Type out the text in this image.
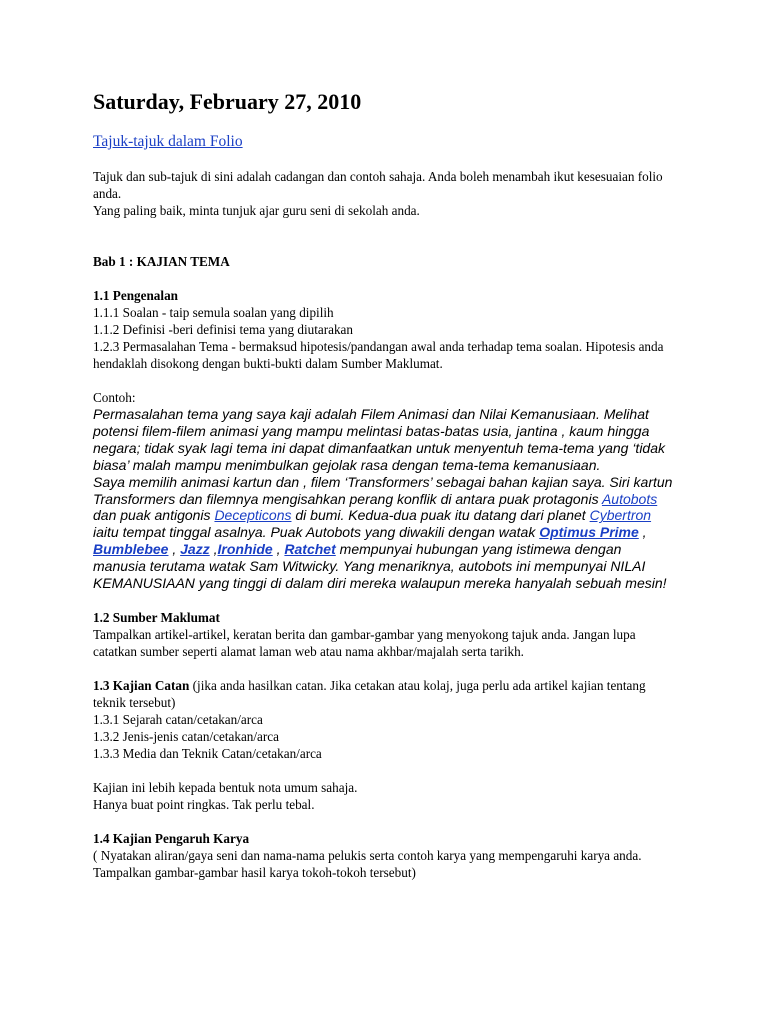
Saturday, February 27, 2010
Tajuk-tajuk dalam Folio
Tajuk dan sub-tajuk di sini adalah cadangan dan contoh sahaja. Anda boleh menambah ikut kesesuaian folio anda.
Yang paling baik, minta tunjuk ajar guru seni di sekolah anda.
Bab 1 : KAJIAN TEMA
1.1 Pengenalan
1.1.1 Soalan - taip semula soalan yang dipilih
1.1.2 Definisi -beri definisi tema yang diutarakan
1.2.3 Permasalahan Tema - bermaksud hipotesis/pandangan awal anda terhadap tema soalan. Hipotesis anda hendaklah disokong dengan bukti-bukti dalam Sumber Maklumat.
Contoh:
Permasalahan tema yang saya kaji adalah Filem Animasi dan Nilai Kemanusiaan. Melihat potensi filem-filem animasi yang mampu melintasi batas-batas usia, jantina , kaum hingga negara; tidak syak lagi tema ini dapat dimanfaatkan untuk menyentuh tema-tema yang ‘tidak biasa’ malah mampu menimbulkan gejolak rasa dengan tema-tema kemanusiaan.
Saya memilih animasi kartun dan , filem ‘Transformers’ sebagai bahan kajian saya. Siri kartun Transformers dan filemnya mengisahkan perang konflik di antara puak protagonis Autobots dan puak antigonis Decepticons di bumi. Kedua-dua puak itu datang dari planet Cybertron iaitu tempat tinggal asalnya. Puak Autobots yang diwakili dengan watak Optimus Prime , Bumblebee , Jazz ,Ironhide , Ratchet mempunyai hubungan yang istimewa dengan manusia terutama watak Sam Witwicky. Yang menariknya, autobots ini mempunyai NILAI KEMANUSIAAN yang tinggi di dalam diri mereka walaupun mereka hanyalah sebuah mesin!
1.2 Sumber Maklumat
Tampalkan artikel-artikel, keratan berita dan gambar-gambar yang menyokong tajuk anda. Jangan lupa catatkan sumber seperti alamat laman web atau nama akhbar/majalah serta tarikh.
1.3 Kajian Catan (jika anda hasilkan catan. Jika cetakan atau kolaj, juga perlu ada artikel kajian tentang teknik tersebut)
1.3.1 Sejarah catan/cetakan/arca
1.3.2 Jenis-jenis catan/cetakan/arca
1.3.3 Media dan Teknik Catan/cetakan/arca
Kajian ini lebih kepada bentuk nota umum sahaja.
Hanya buat point ringkas. Tak perlu tebal.
1.4 Kajian Pengaruh Karya
( Nyatakan aliran/gaya seni dan nama-nama pelukis serta contoh karya yang mempengaruhi karya anda. Tampalkan gambar-gambar hasil karya tokoh-tokoh tersebut)
